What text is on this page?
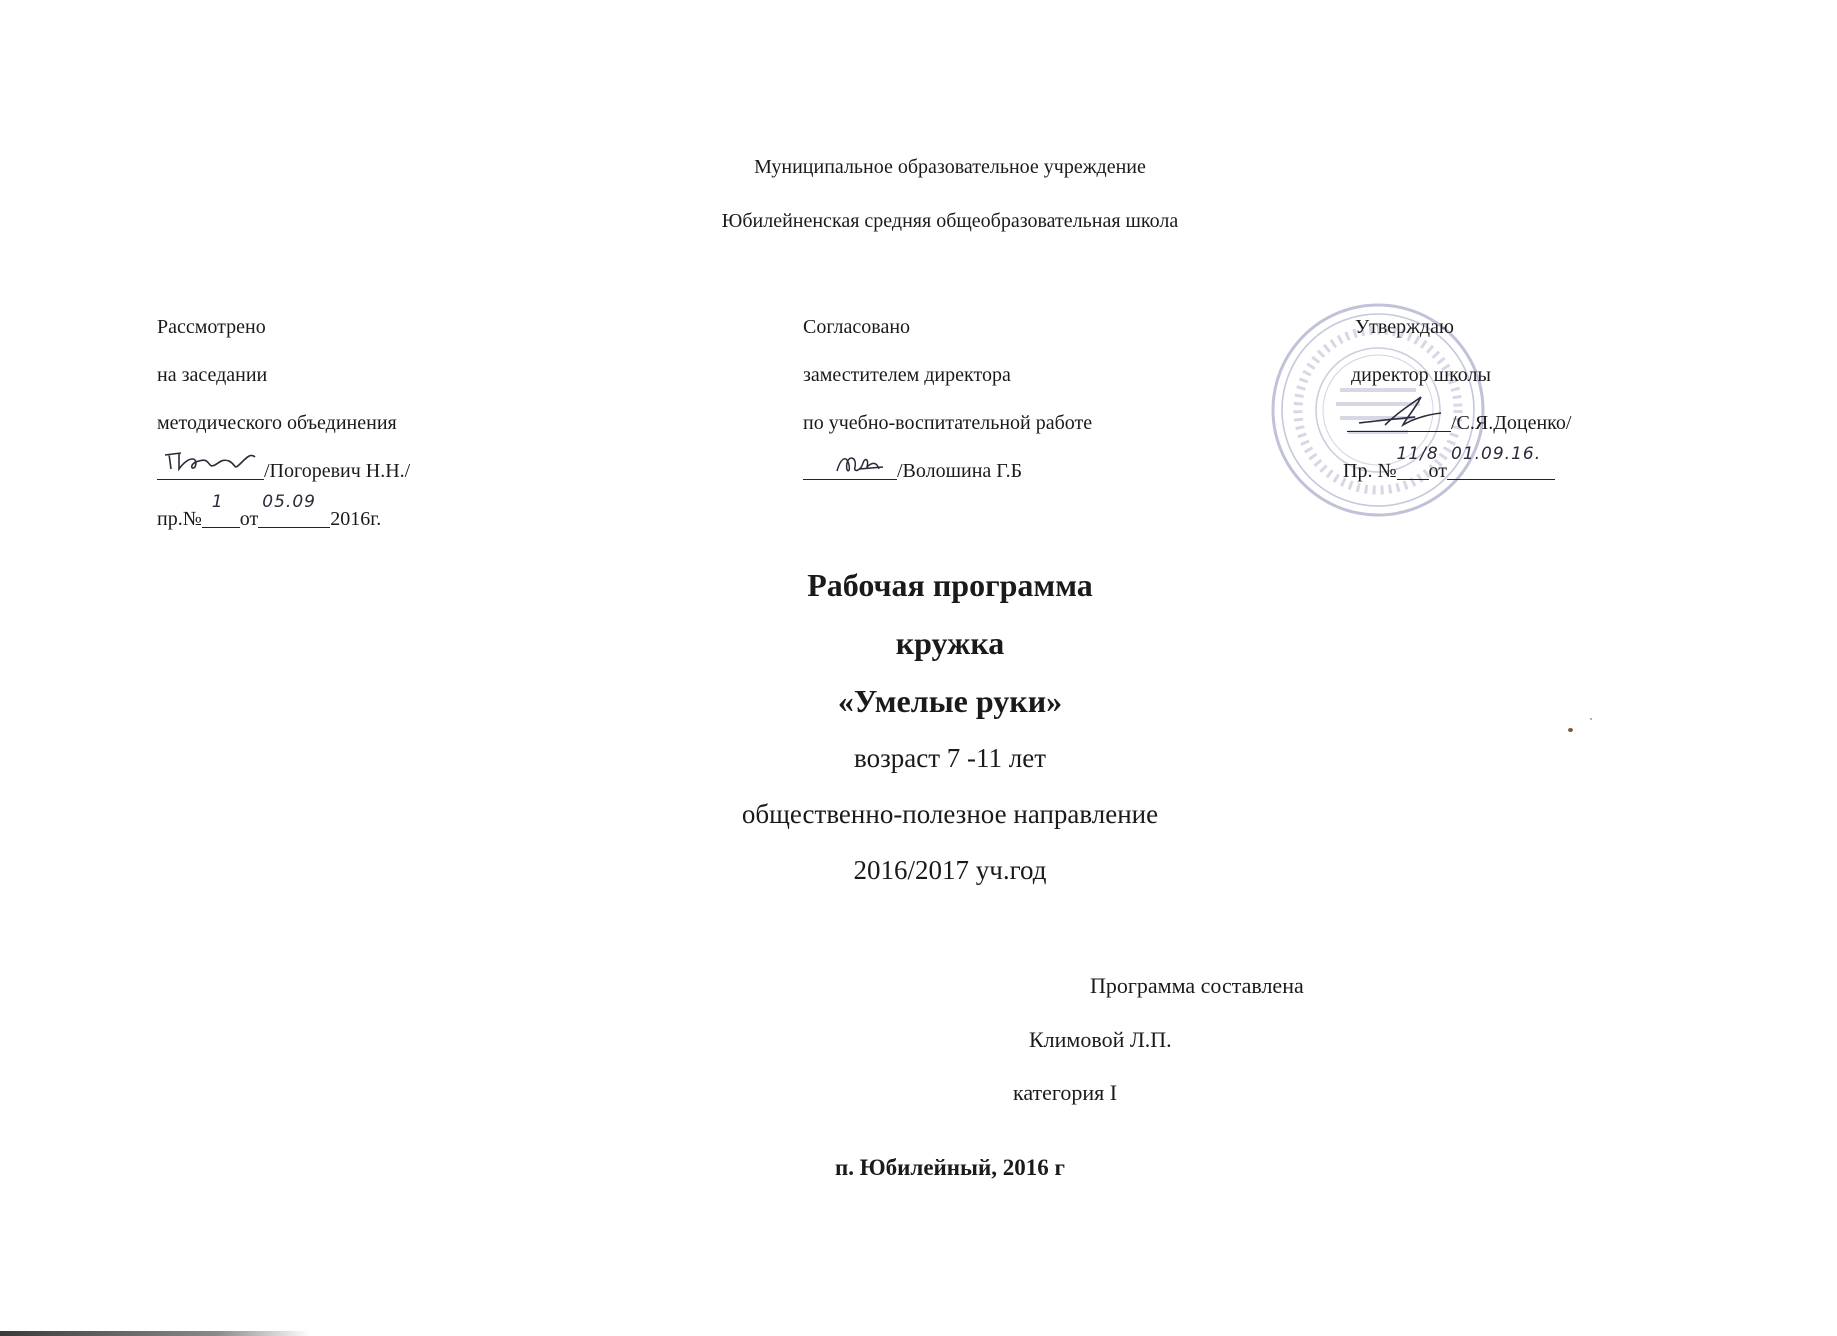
Муниципальное образовательное учреждение
Юбилейненская средняя общеобразовательная школа
Рассмотрено
на заседании
методического объединения
/Погоревич Н.Н./
пр.№
1
от
05.09
2016г.
Согласовано
заместителем директора
по учебно-воспитательной работе
/Волошина Г.Б
Утверждаю
директор школы
/С.Я.Доценко/
Пр. №
11/8
от
01.09.16.
Рабочая программа
кружка
«Умелые руки»
возраст 7 -11 лет
общественно-полезное направление
2016/2017 уч.год
Программа составлена
Климовой Л.П.
категория I
п. Юбилейный, 2016 г
